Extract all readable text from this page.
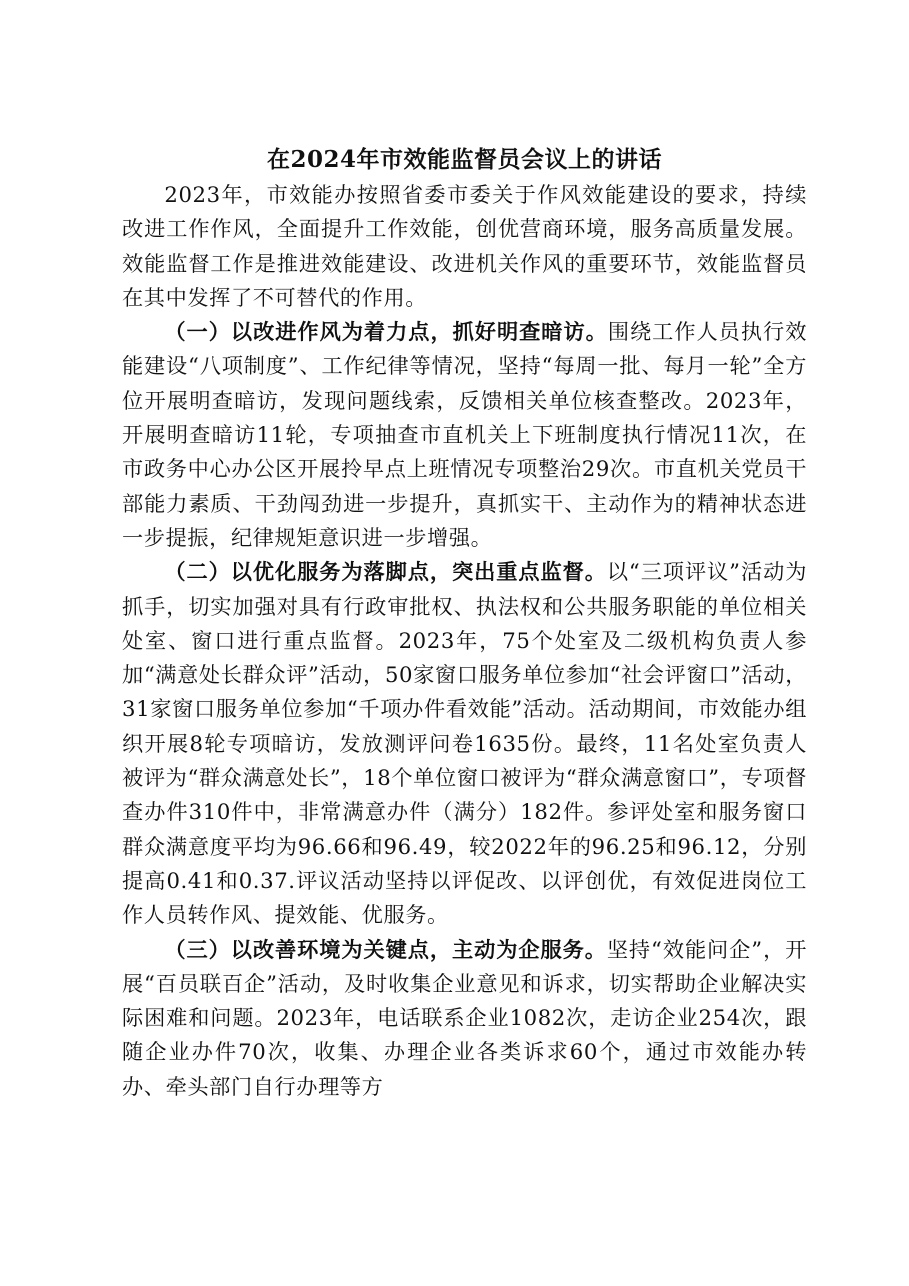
在2024年市效能监督员会议上的讲话

2023年，市效能办按照省委市委关于作风效能建设的要求，持续改进工作作风，全面提升工作效能，创优营商环境，服务高质量发展。效能监督工作是推进效能建设、改进机关作风的重要环节，效能监督员在其中发挥了不可替代的作用。

（一）以改进作风为着力点，抓好明查暗访。围绕工作人员执行效能建设“八项制度”、工作纪律等情况，坚持“每周一批、每月一轮”全方位开展明查暗访，发现问题线索，反馈相关单位核查整改。2023年，开展明查暗访11轮，专项抽查市直机关上下班制度执行情况11次，在市政务中心办公区开展拎早点上班情况专项整治29次。市直机关党员干部能力素质、干劲闯劲进一步提升，真抓实干、主动作为的精神状态进一步提振，纪律规矩意识进一步增强。

（二）以优化服务为落脚点，突出重点监督。以“三项评议”活动为抓手，切实加强对具有行政审批权、执法权和公共服务职能的单位相关处室、窗口进行重点监督。2023年，75个处室及二级机构负责人参加“满意处长群众评”活动，50家窗口服务单位参加“社会评窗口”活动，31家窗口服务单位参加“千项办件看效能”活动。活动期间，市效能办组织开展8轮专项暗访，发放测评问卷1635份。最终，11名处室负责人被评为“群众满意处长”，18个单位窗口被评为“群众满意窗口”，专项督查办件310件中，非常满意办件（满分）182件。参评处室和服务窗口群众满意度平均为96.66和96.49，较2022年的96.25和96.12，分别提高0.41和0.37.评议活动坚持以评促改、以评创优，有效促进岗位工作人员转作风、提效能、优服务。

（三）以改善环境为关键点，主动为企服务。坚持“效能问企”，开展“百员联百企”活动，及时收集企业意见和诉求，切实帮助企业解决实际困难和问题。2023年，电话联系企业1082次，走访企业254次，跟随企业办件70次，收集、办理企业各类诉求60个，通过市效能办转办、牵头部门自行办理等方
